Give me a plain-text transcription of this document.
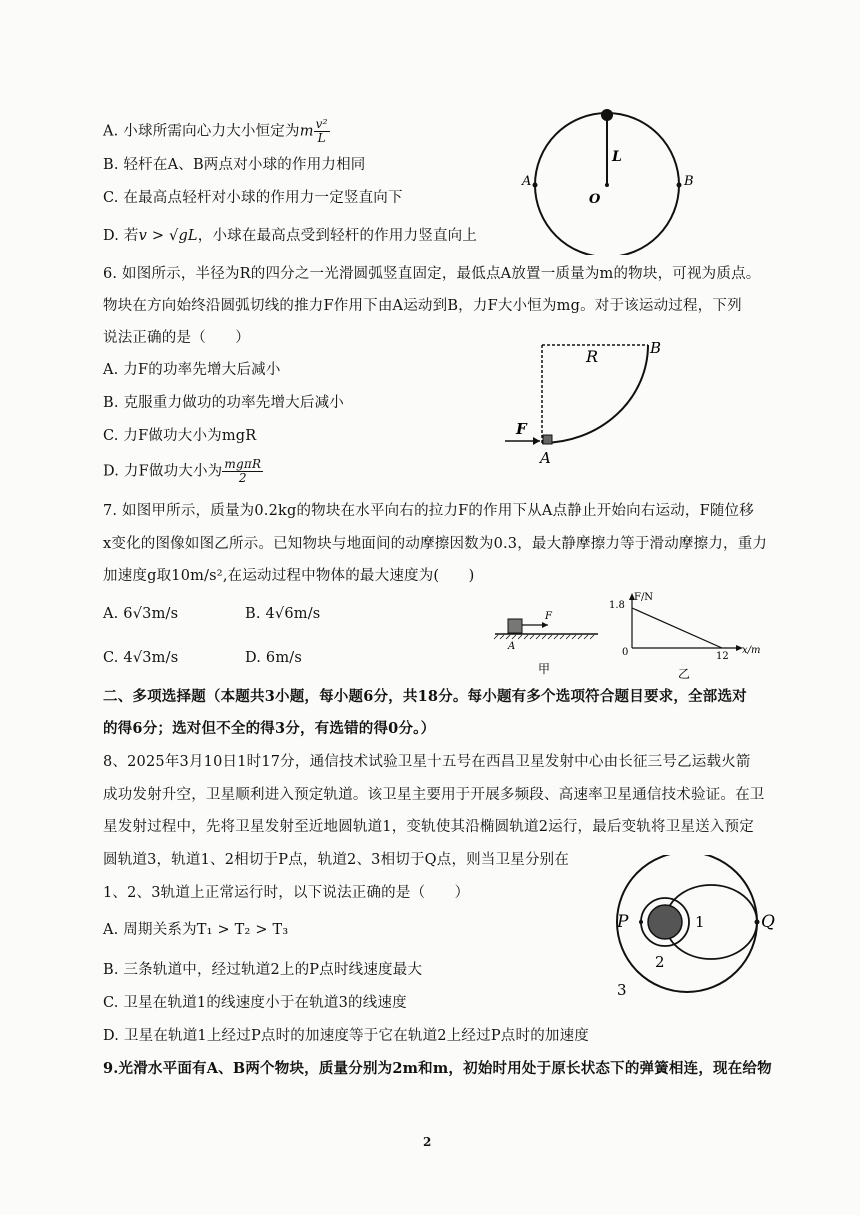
A. 小球所需向心力大小恒定为m $\frac{\text{v²}}{L}$
B. 轻杆在A、B两点对小球的作用力相同
C. 在最高点轻杆对小球的作用力一定竖直向下
D. 若v > √gL，小球在最高点受到轻杆的作用力竖直向上
L
O
A	B
6. 如图所示，半径为R的四分之一光滑圆弧竖直固定，最低点A放置一质量为m的物块，可视为质点。
物块在方向始终沿圆弧切线的推力F作用下由A运动到B，力F大小恒为mg。对于该运动过程，下列
说法正确的是（　　）
A. 力F的功率先增大后减小
B. 克服重力做功的功率先增大后减小
C. 力F做功大小为mgR
D. 力F做功大小为 $\frac{\text{mgπR}}{2}$
R	B
F
A
7. 如图甲所示，质量为0.2kg的物块在水平向右的拉力F的作用下从A点静止开始向右运动，F随位移
x变化的图像如图乙所示。已知物块与地面间的动摩擦因数为0.3，最大静摩擦力等于滑动摩擦力，重力
加速度g取10m/s²,在运动过程中物体的最大速度为(　　)
A. 6√3m/s	B. 4√6m/s
C. 4√3m/s	D. 6m/s
F
A
甲
F/N
x/m
1.8
12
0
乙
二、多项选择题（本题共3小题，每小题6分，共18分。每小题有多个选项符合题目要求，全部选对
的得6分；选对但不全的得3分，有选错的得0分。）
8、2025年3月10日1时17分，通信技术试验卫星十五号在西昌卫星发射中心由长征三号乙运载火箭
成功发射升空，卫星顺利进入预定轨道。该卫星主要用于开展多频段、高速率卫星通信技术验证。在卫
星发射过程中，先将卫星发射至近地圆轨道1，变轨使其沿椭圆轨道2运行，最后变轨将卫星送入预定
圆轨道3，轨道1、2相切于P点，轨道2、3相切于Q点，则当卫星分别在
1、2、3轨道上正常运行时，以下说法正确的是（　　）
A. 周期关系为T₁ > T₂ > T₃
B. 三条轨道中，经过轨道2上的P点时线速度最大
C. 卫星在轨道1的线速度小于在轨道3的线速度
D. 卫星在轨道1上经过P点时的加速度等于它在轨道2上经过P点时的加速度
P	Q
1
2
3
9.光滑水平面有A、B两个物块，质量分别为2m和m，初始时用处于原长状态下的弹簧相连，现在给物
2
